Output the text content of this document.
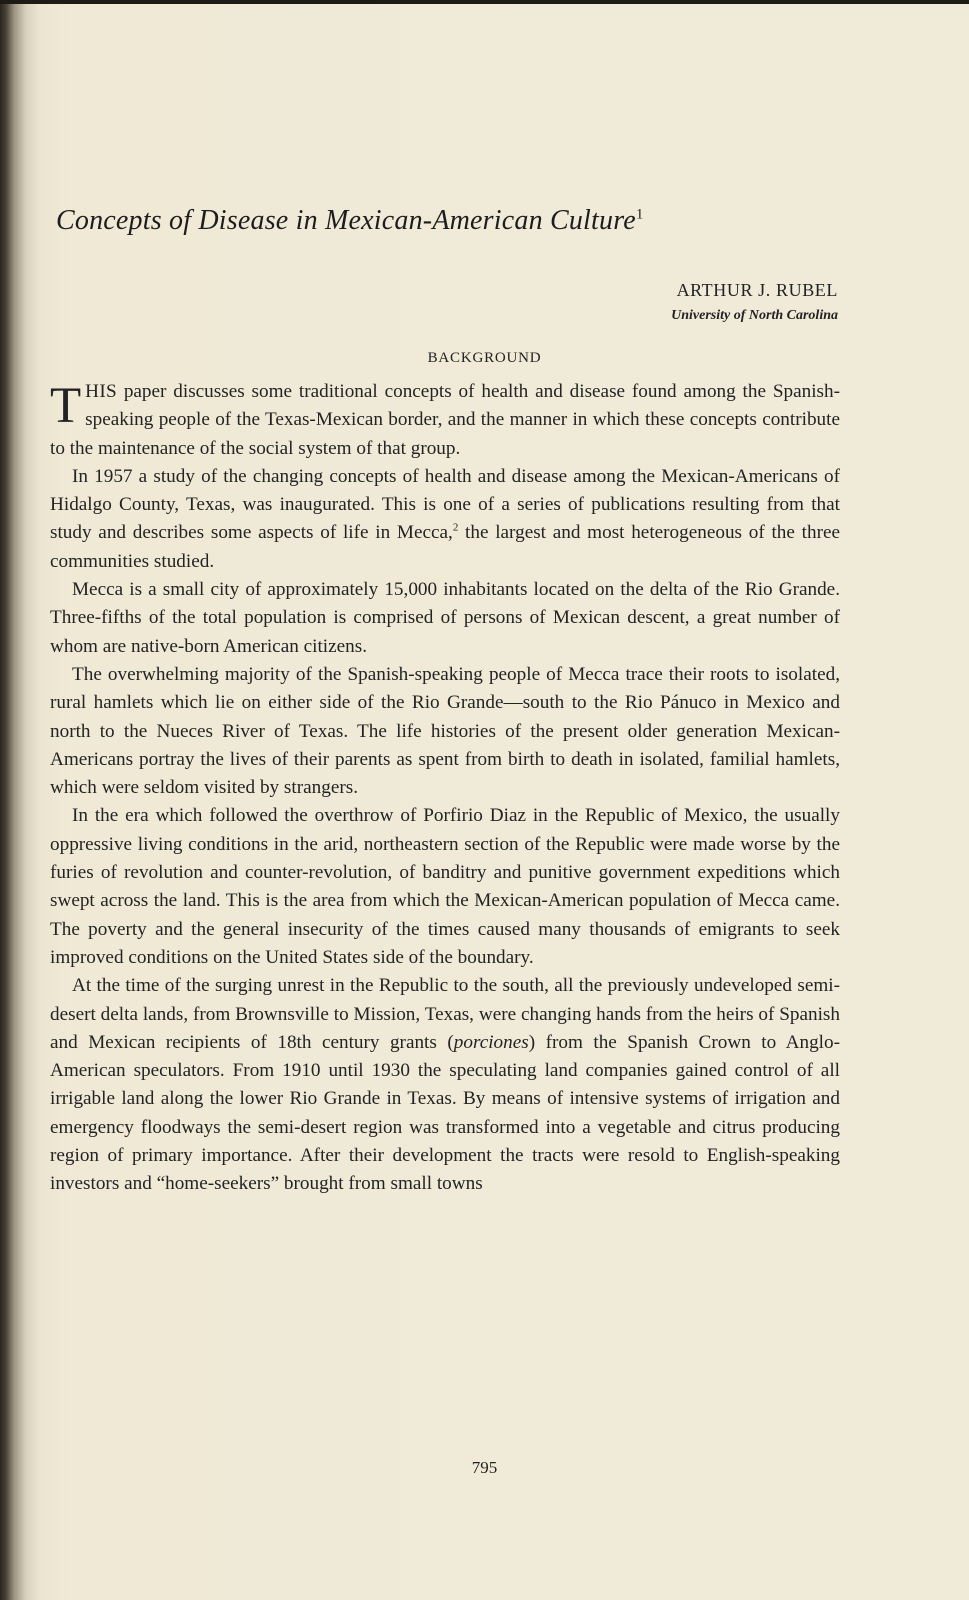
Concepts of Disease in Mexican-American Culture$^1$
ARTHUR J. RUBEL
University of North Carolina
BACKGROUND

THIS paper discusses some traditional concepts of health and disease found among the Spanish-speaking people of the Texas-Mexican border, and the manner in which these concepts contribute to the maintenance of the social system of that group.

In 1957 a study of the changing concepts of health and disease among the Mexican-Americans of Hidalgo County, Texas, was inaugurated. This is one of a series of publications resulting from that study and describes some aspects of life in Mecca,$^2$ the largest and most heterogeneous of the three communities studied.

Mecca is a small city of approximately 15,000 inhabitants located on the delta of the Rio Grande. Three-fifths of the total population is comprised of persons of Mexican descent, a great number of whom are native-born American citizens.

The overwhelming majority of the Spanish-speaking people of Mecca trace their roots to isolated, rural hamlets which lie on either side of the Rio Grande—south to the Rio Pánuco in Mexico and north to the Nueces River of Texas. The life histories of the present older generation Mexican-Americans portray the lives of their parents as spent from birth to death in isolated, familial hamlets, which were seldom visited by strangers.

In the era which followed the overthrow of Porfirio Diaz in the Republic of Mexico, the usually oppressive living conditions in the arid, northeastern section of the Republic were made worse by the furies of revolution and counter-revolution, of banditry and punitive government expeditions which swept across the land. This is the area from which the Mexican-American population of Mecca came. The poverty and the general insecurity of the times caused many thousands of emigrants to seek improved conditions on the United States side of the boundary.

At the time of the surging unrest in the Republic to the south, all the previously undeveloped semi-desert delta lands, from Brownsville to Mission, Texas, were changing hands from the heirs of Spanish and Mexican recipients of 18th century grants (porciones) from the Spanish Crown to Anglo-American speculators. From 1910 until 1930 the speculating land companies gained control of all irrigable land along the lower Rio Grande in Texas. By means of intensive systems of irrigation and emergency floodways the semi-desert region was transformed into a vegetable and citrus producing region of primary importance. After their development the tracts were resold to English-speaking investors and “home-seekers” brought from small towns

795
